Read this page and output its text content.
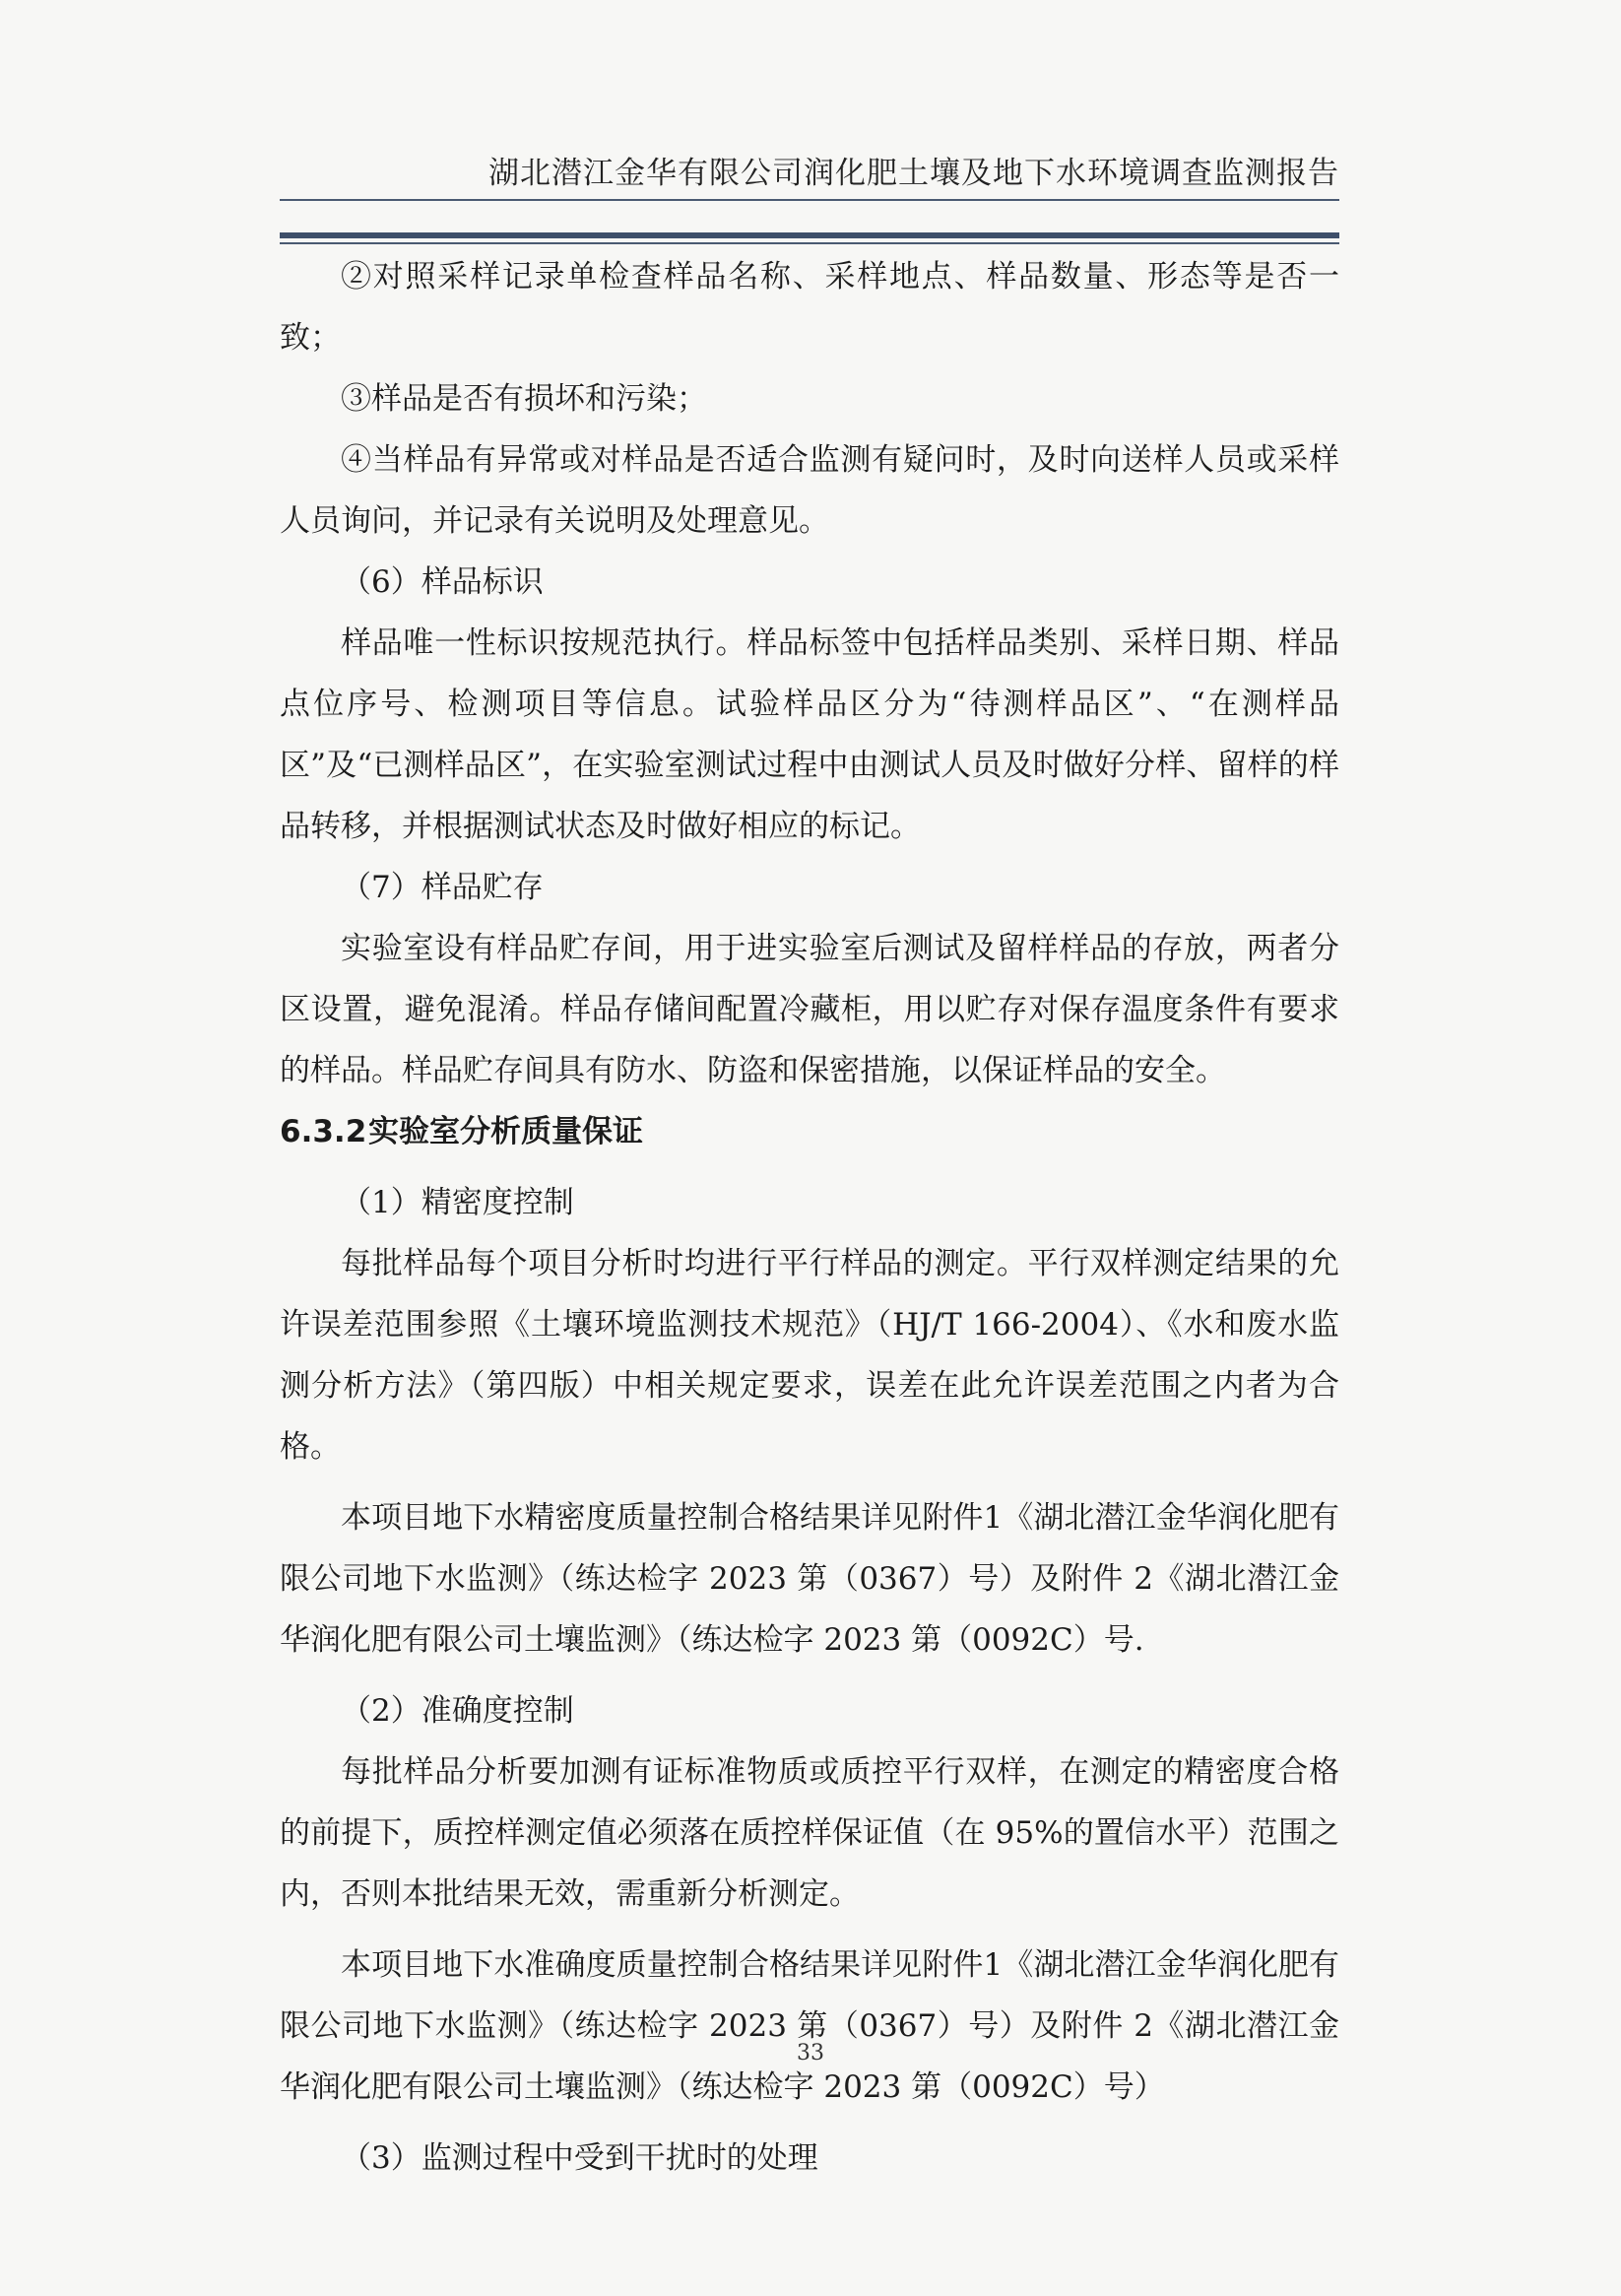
湖北潜江金华有限公司润化肥土壤及地下水环境调查监测报告

②对照采样记录单检查样品名称、采样地点、样品数量、形态等是否一致；

③样品是否有损坏和污染；

④当样品有异常或对样品是否适合监测有疑问时，及时向送样人员或采样人员询问，并记录有关说明及处理意见。

（6）样品标识

样品唯一性标识按规范执行。样品标签中包括样品类别、采样日期、样品点位序号、检测项目等信息。试验样品区分为“待测样品区”、“在测样品区”及“已测样品区”，在实验室测试过程中由测试人员及时做好分样、留样的样品转移，并根据测试状态及时做好相应的标记。

（7）样品贮存

实验室设有样品贮存间，用于进实验室后测试及留样样品的存放，两者分区设置，避免混淆。样品存储间配置冷藏柜，用以贮存对保存温度条件有要求的样品。样品贮存间具有防水、防盗和保密措施，以保证样品的安全。

6.3.2实验室分析质量保证
（1）精密度控制

每批样品每个项目分析时均进行平行样品的测定。平行双样测定结果的允许误差范围参照《土壤环境监测技术规范》（HJ/T 166-2004）、《水和废水监测分析方法》（第四版）中相关规定要求，误差在此允许误差范围之内者为合格。

本项目地下水精密度质量控制合格结果详见附件1《湖北潜江金华润化肥有限公司地下水监测》（练达检字 2023 第（0367）号）及附件 2《湖北潜江金华润化肥有限公司土壤监测》（练达检字 2023 第（0092C）号.

（2）准确度控制

每批样品分析要加测有证标准物质或质控平行双样，在测定的精密度合格的前提下，质控样测定值必须落在质控样保证值（在 95%的置信水平）范围之内，否则本批结果无效，需重新分析测定。

本项目地下水准确度质量控制合格结果详见附件1《湖北潜江金华润化肥有限公司地下水监测》（练达检字 2023 第（0367）号）及附件 2《湖北潜江金华润化肥有限公司土壤监测》（练达检字 2023 第（0092C）号）

（3）监测过程中受到干扰时的处理
33
